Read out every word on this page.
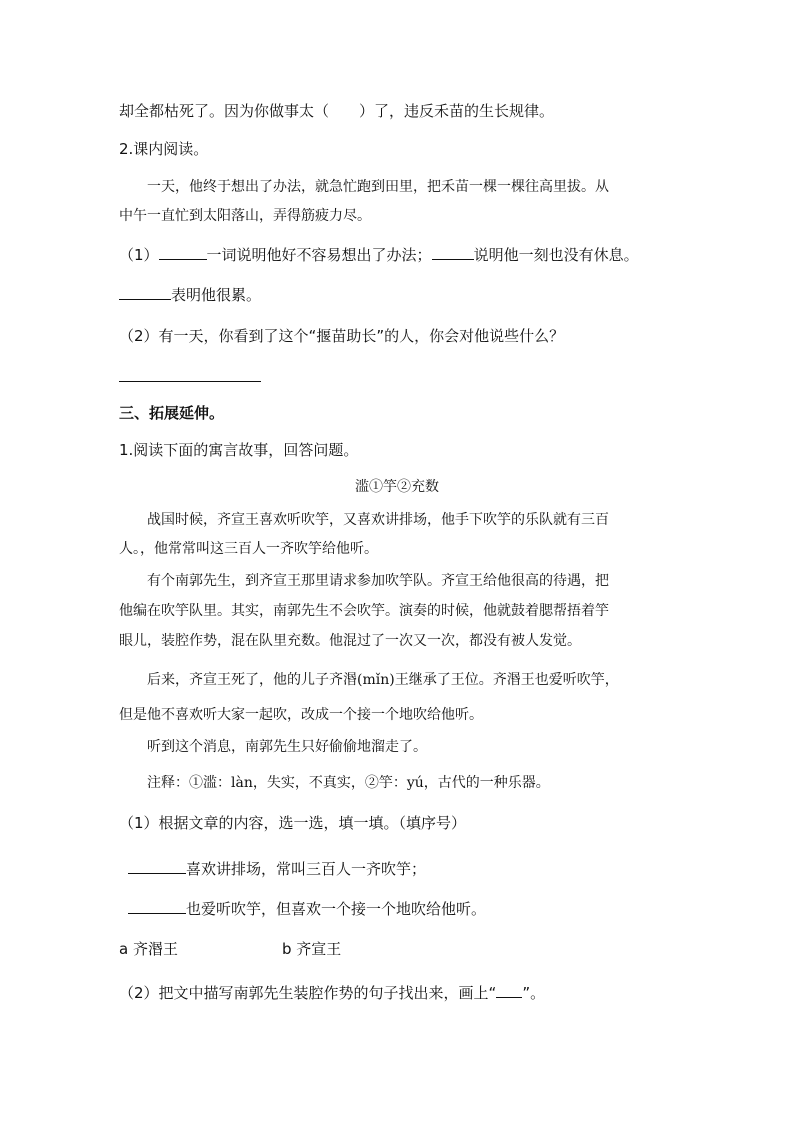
却全都枯死了。因为你做事太（　　）了，违反禾苗的生长规律。
2.课内阅读。
一天，他终于想出了办法，就急忙跑到田里，把禾苗一棵一棵往高里拔。从
中午一直忙到太阳落山，弄得筋疲力尽。
（1）	一词说明他好不容易想出了办法；	说明他一刻也没有休息。
表明他很累。
（2）有一天，你看到了这个“揠苗助长”的人，你会对他说些什么？
三、拓展延伸。
1.阅读下面的寓言故事，回答问题。
滥①竽②充数
战国时候，齐宣王喜欢听吹竽，又喜欢讲排场，他手下吹竽的乐队就有三百
人。，他常常叫这三百人一齐吹竽给他听。
有个南郭先生，到齐宣王那里请求参加吹竽队。齐宣王给他很高的待遇，把
他编在吹竽队里。其实，南郭先生不会吹竽。演奏的时候，他就鼓着腮帮捂着竽
眼儿，装腔作势，混在队里充数。他混过了一次又一次，都没有被人发觉。
后来，齐宣王死了，他的儿子齐湣(mǐn)王继承了王位。齐湣王也爱听吹竽，
但是他不喜欢听大家一起吹，改成一个接一个地吹给他听。
听到这个消息，南郭先生只好偷偷地溜走了。
注释：①滥：làn，失实，不真实，②竽：yú，古代的一种乐器。
（1）根据文章的内容，选一选，填一填。（填序号）
喜欢讲排场，常叫三百人一齐吹竽；
也爱听吹竽，但喜欢一个接一个地吹给他听。
a 齐湣王	b 齐宣王
（2）把文中描写南郭先生装腔作势的句子找出来，画上“ ”。
